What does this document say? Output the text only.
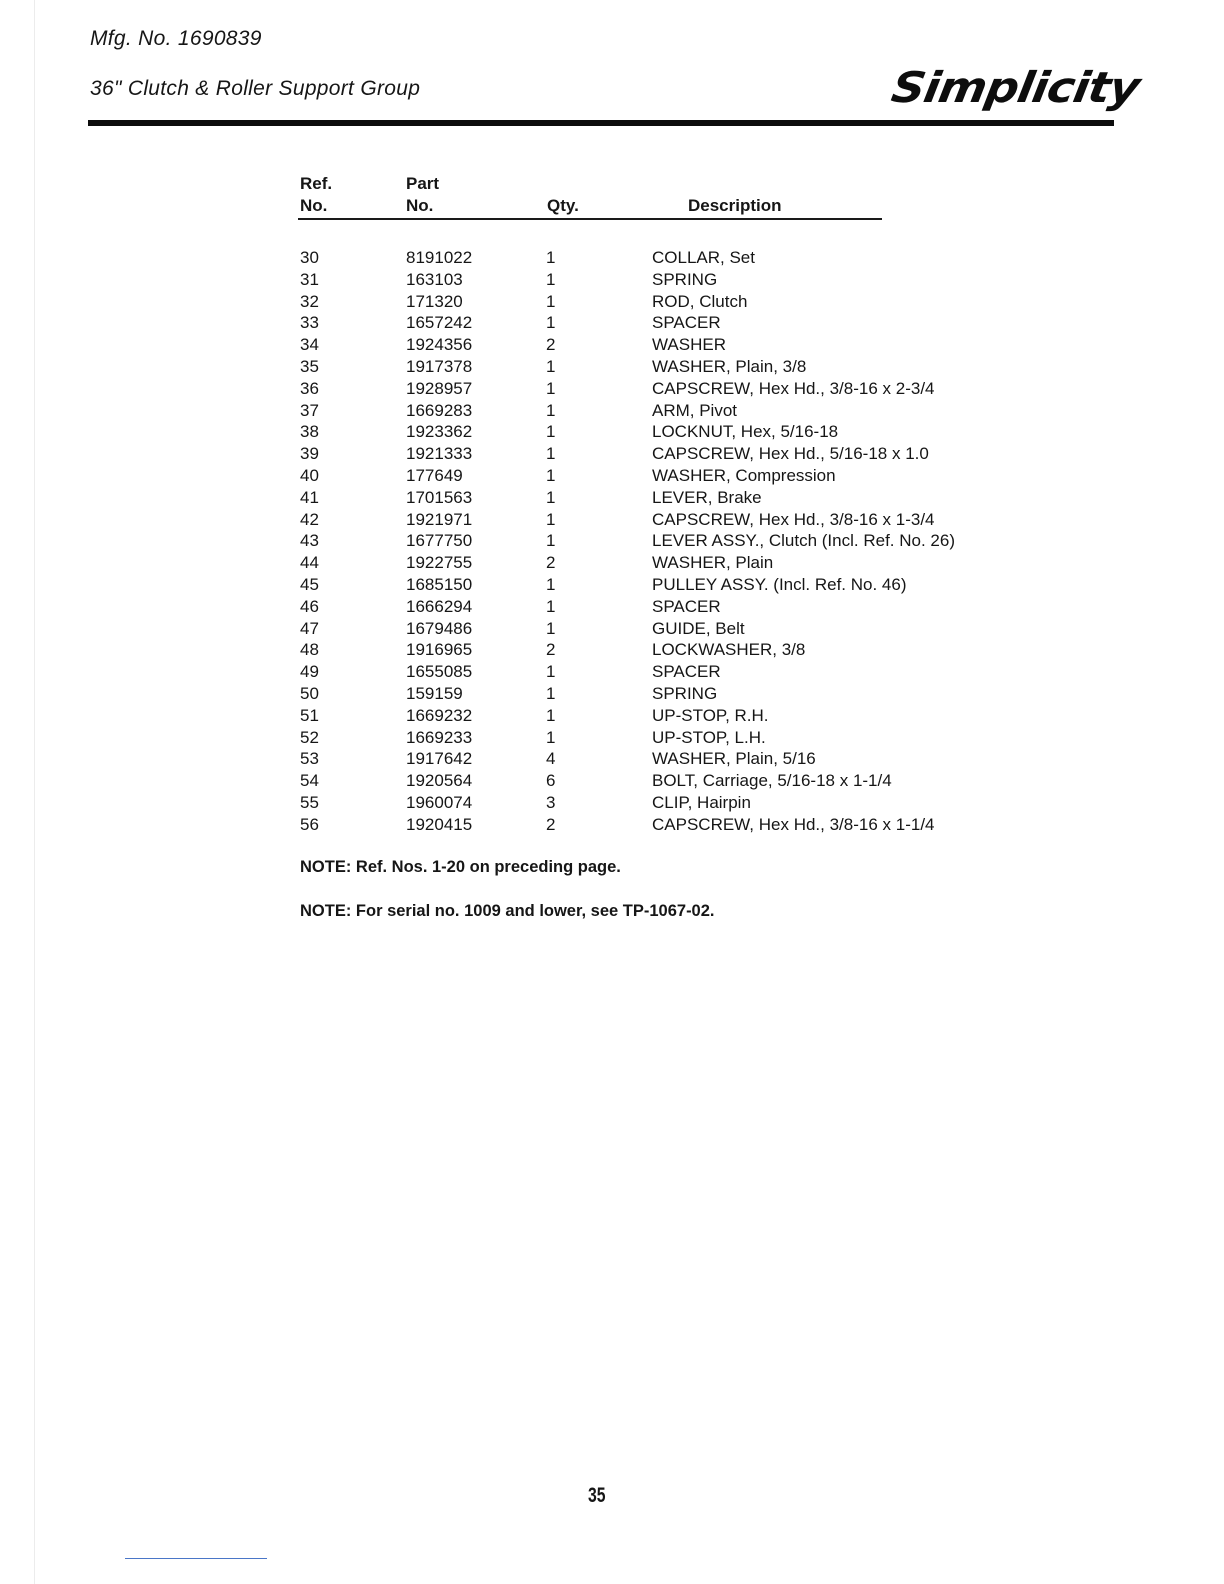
Mfg. No. 1690839
36" Clutch & Roller Support Group	Simplicity
Ref.
No.
Part
No.	Qty.	Description
30	8191022	1	COLLAR, Set
31	163103	1	SPRING
32	171320	1	ROD, Clutch
33	1657242	1	SPACER
34	1924356	2	WASHER
35	1917378	1	WASHER, Plain, 3/8
36	1928957	1	CAPSCREW, Hex Hd., 3/8-16 x 2-3/4
37	1669283	1	ARM, Pivot
38	1923362	1	LOCKNUT, Hex, 5/16-18
39	1921333	1	CAPSCREW, Hex Hd., 5/16-18 x 1.0
40	177649	1	WASHER, Compression
41	1701563	1	LEVER, Brake
42	1921971	1	CAPSCREW, Hex Hd., 3/8-16 x 1-3/4
43	1677750	1	LEVER ASSY., Clutch (Incl. Ref. No. 26)
44	1922755	2	WASHER, Plain
45	1685150	1	PULLEY ASSY. (Incl. Ref. No. 46)
46	1666294	1	SPACER
47	1679486	1	GUIDE, Belt
48	1916965	2	LOCKWASHER, 3/8
49	1655085	1	SPACER
50	159159	1	SPRING
51	1669232	1	UP-STOP, R.H.
52	1669233	1	UP-STOP, L.H.
53	1917642	4	WASHER, Plain, 5/16
54	1920564	6	BOLT, Carriage, 5/16-18 x 1-1/4
55	1960074	3	CLIP, Hairpin
56	1920415	2	CAPSCREW, Hex Hd., 3/8-16 x 1-1/4
NOTE: Ref. Nos. 1-20 on preceding page.
NOTE: For serial no. 1009 and lower, see TP-1067-02.
35
